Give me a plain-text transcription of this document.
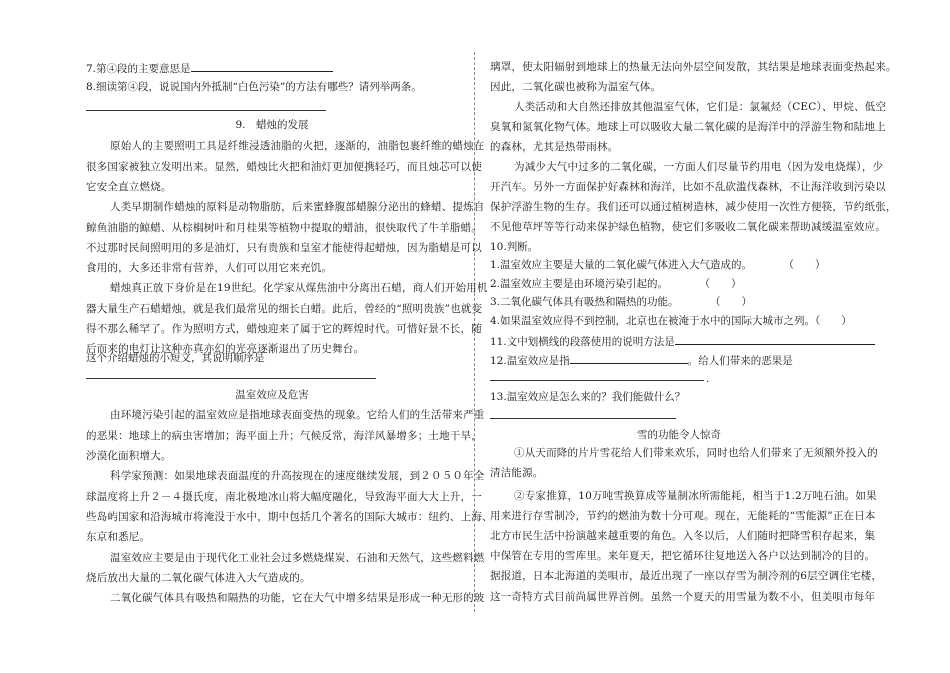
7.第④段的主要意思是
8.细读第④段，说说国内外抵制“白色污染”的方法有哪些？请列举两条。
9.　蜡烛的发展
原始人的主要照明工具是纤维浸透油脂的火把，逐渐的，油脂包裹纤维的蜡烛在
很多国家被独立发明出来。显然，蜡烛比火把和油灯更加便携轻巧，而且烛芯可以使
它安全直立燃烧。
人类早期制作蜡烛的原料是动物脂肪，后来蜜蜂腹部蜡腺分泌出的蜂蜡、提炼自
鲸鱼油脂的鲸蜡、从棕榈树叶和月桂果等植物中提取的蜡油，很快取代了牛羊脂蜡。
不过那时民间照明用的多是油灯，只有贵族和皇室才能使得起蜡烛，因为脂蜡是可以
食用的，大多还非常有营养，人们可以用它来充饥。
蜡烛真正放下身价是在19世纪。化学家从煤焦油中分离出石蜡，商人们开始用机
器大量生产石蜡蜡烛，就是我们最常见的细长白蜡。此后，曾经的“照明贵族”也就变
得不那么稀罕了。作为照明方式，蜡烛迎来了属于它的辉煌时代。可惜好景不长，随
后而来的电灯让这种亦真亦幻的光亮逐渐退出了历史舞台。
这个介绍蜡烛的小短文，其说明顺序是
温室效应及危害
由环境污染引起的温室效应是指地球表面变热的现象。它给人们的生活带来严重
的恶果：地球上的病虫害增加；海平面上升；气候反常，海洋风暴增多；土地干旱，
沙漠化面积增大。
科学家预测：如果地球表面温度的升高按现在的速度继续发展，到２０５０年全
球温度将上升２－４摄氏度，南北极地冰山将大幅度融化，导致海平面大大上升，一
些岛屿国家和沿海城市将淹没于水中，期中包括几个著名的国际大城市：纽约、上海、
东京和悉尼。
温室效应主要是由于现代化工业社会过多燃烧煤炭、石油和天然气，这些燃料燃
烧后放出大量的二氧化碳气体进入大气造成的。
二氧化碳气体具有吸热和隔热的功能，它在大气中增多结果是形成一种无形的玻
璃罩，使太阳辐射到地球上的热量无法向外层空间发散，其结果是地球表面变热起来。
因此，二氧化碳也被称为温室气体。
人类活动和大自然还排放其他温室气体，它们是：氯氟烃（CEC）、甲烷、低空
臭氧和氮氧化物气体。地球上可以吸收大量二氧化碳的是海洋中的浮游生物和陆地上
的森林，尤其是热带雨林。
为减少大气中过多的二氧化碳，一方面人们尽量节约用电（因为发电烧煤），少
开汽车。另外一方面保护好森林和海洋，比如不乱砍滥伐森林，不让海洋收到污染以
保护浮游生物的生存。我们还可以通过植树造林，减少使用一次性方便筷，节约纸张，
不见他草坪等等行动来保护绿色植物，使它们多吸收二氧化碳来帮助减缓温室效应。
10.判断。
1.温室效应主要是大量的二氧化碳气体进入大气造成的。　　　　（　　）
2.温室效应主要是由环境污染引起的。　　　　（　　）
3.二氧化碳气体具有吸热和隔热的功能。　　　　（　　）
4.如果温室效应得不到控制，北京也在被淹于水中的国际大城市之列。（　　）
11.文中划横线的段落使用的说明方法是
12.温室效应是指	。给人们带来的恶果是
.
13.温室效应是怎么来的？我们能做什么？
雪的功能令人惊奇
①从天而降的片片雪花给人们带来欢乐，同时也给人们带来了无须额外投入的
清洁能源。
②专家推算，10万吨雪换算成等量制冰所需能耗，相当于1.2万吨石油。如果
用来进行存雪制冷，节约的燃油为数十分可观。现在，无能耗的“雪能源”正在日本
北方市民生活中扮演越来越重要的角色。入冬以后，人们随时把降雪积存起来，集
中保管在专用的雪库里。来年夏天，把它循环往复地送入各户以达到制冷的目的。
据报道，日本北海道的美唄市，最近出现了一座以存雪为制冷剂的6层空调住宅楼，
这一奇特方式目前尚属世界首例。虽然一个夏天的用雪量为数不小，但美唄市每年
